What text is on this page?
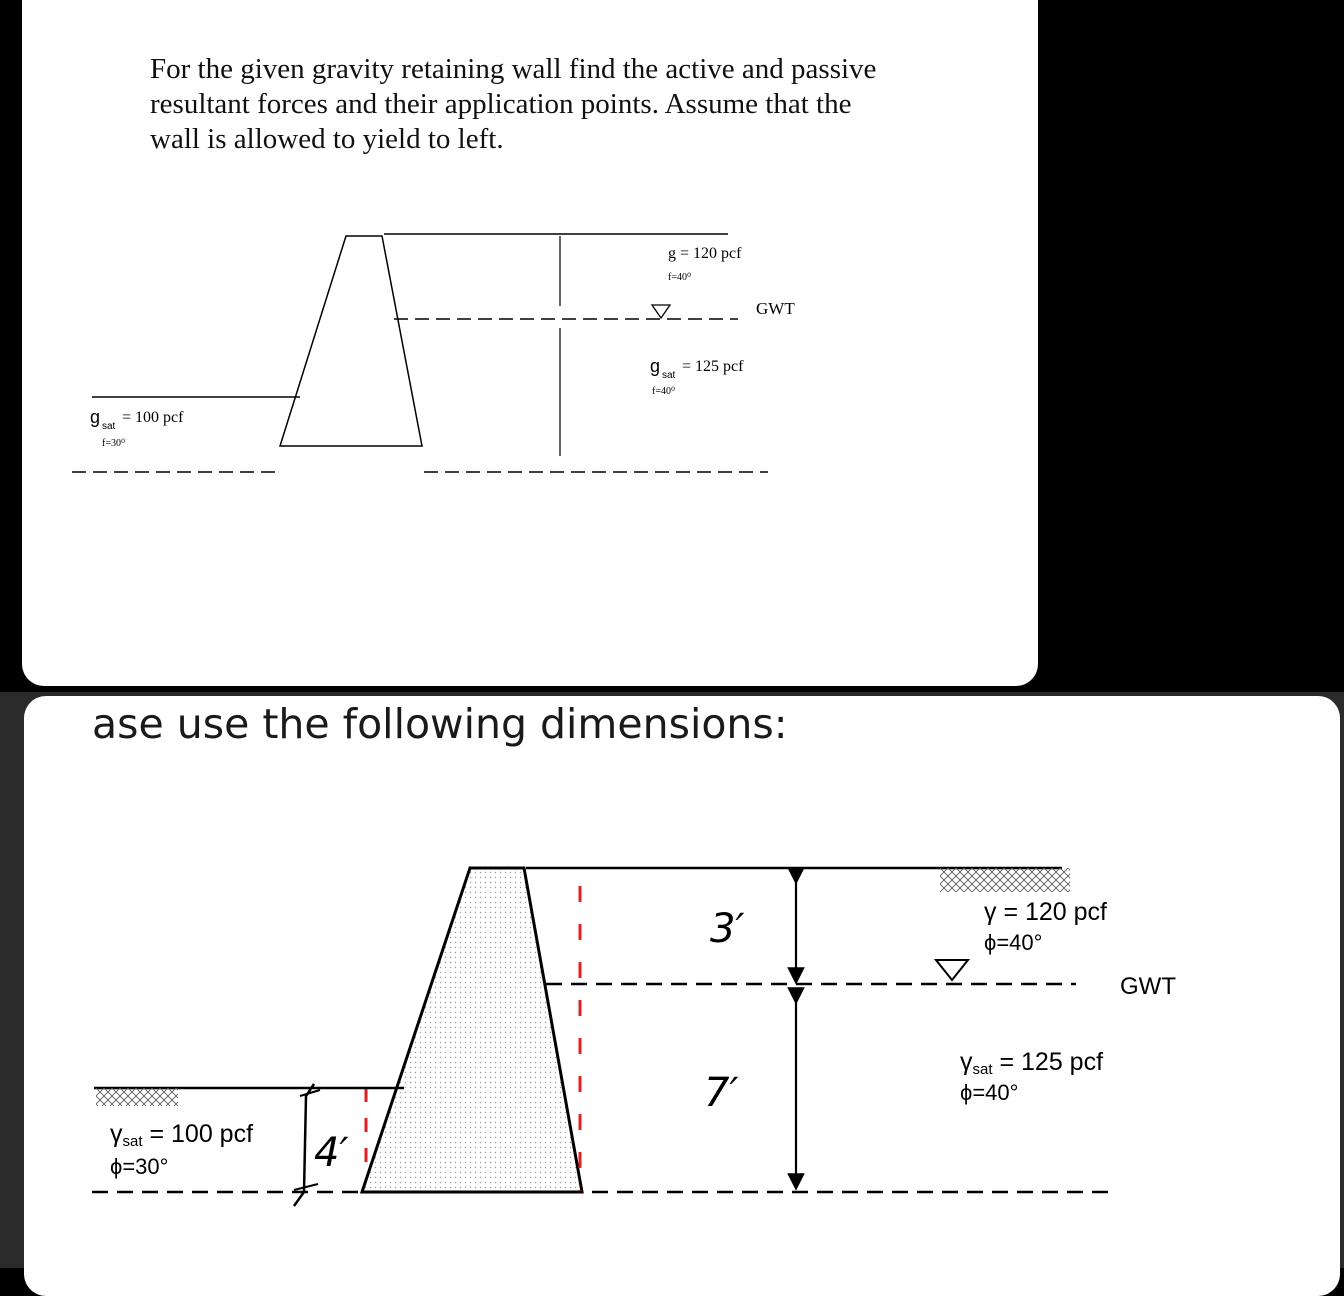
For the given gravity retaining wall find the active and passive
resultant forces and their application points. Assume that the
wall is allowed to yield to left.

g = 120 pcf
f=40⁰
GWT
g sat
= 125 pcf
f=40⁰
g sat
= 100 pcf
f=30⁰
ase use the following dimensions:
3′
7′
4′
γ = 120 pcf
ϕ=40°
GWT
γsat = 125 pcf
ϕ=40°
γsat = 100 pcf
ϕ=30°
